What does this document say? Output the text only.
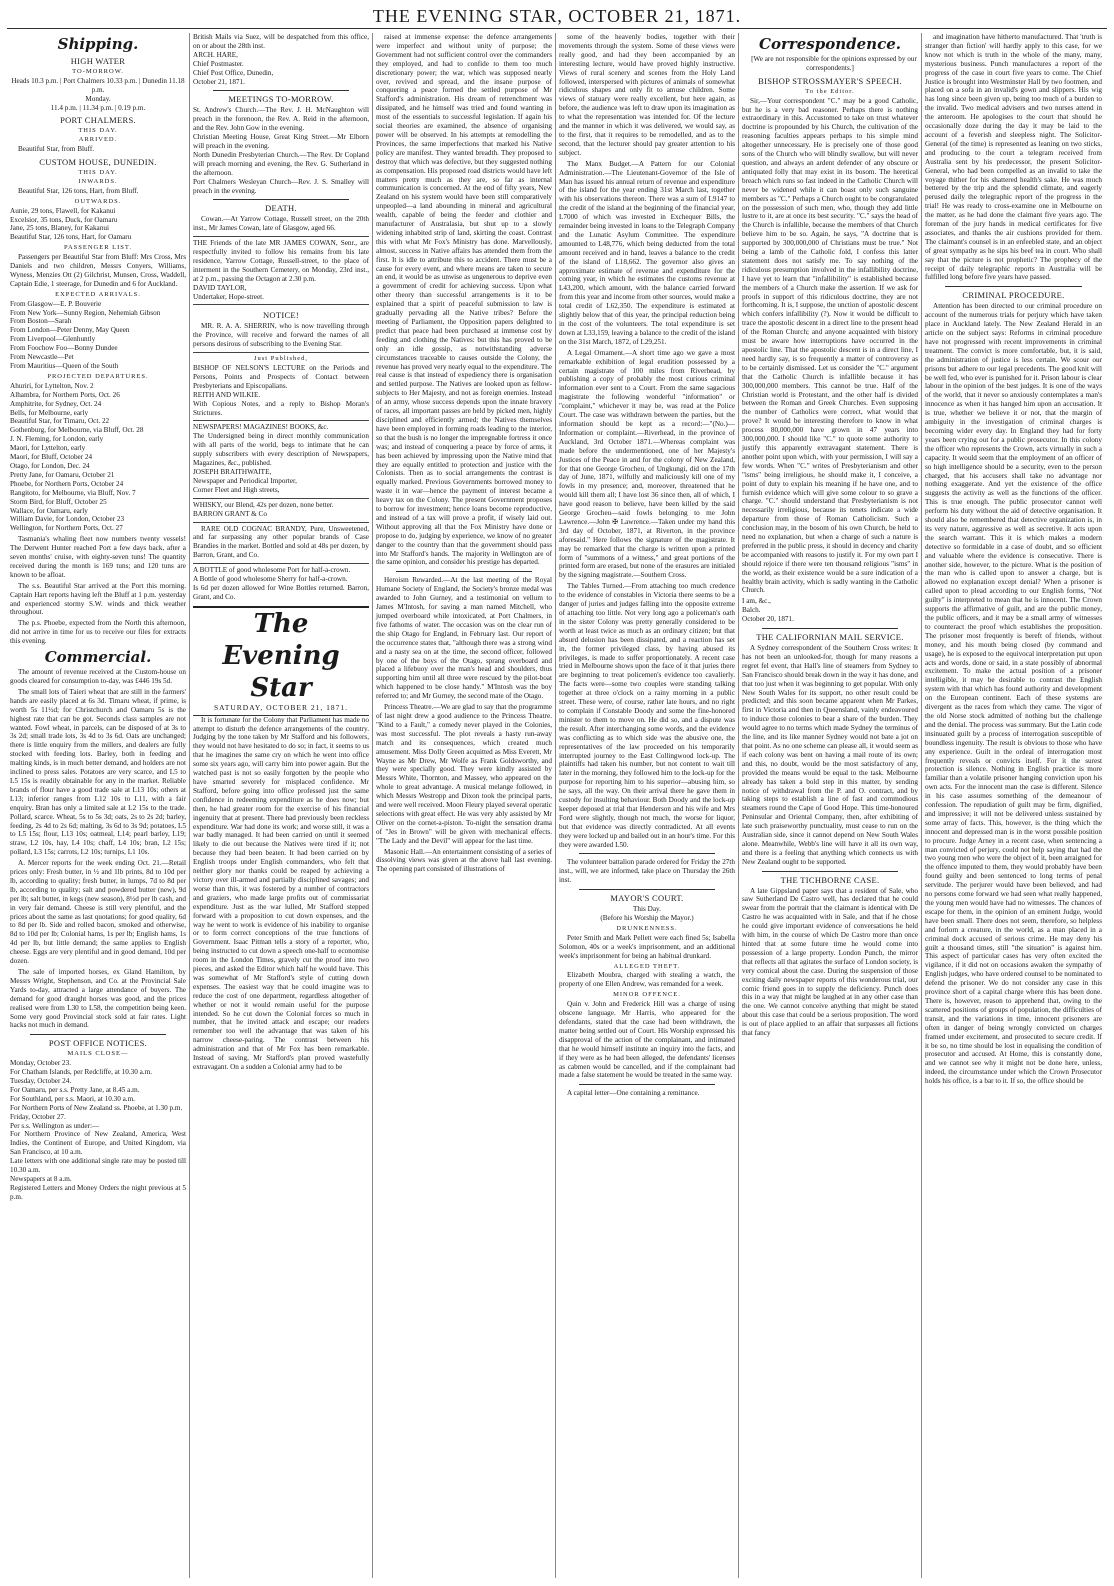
THE EVENING STAR, OCTOBER 21, 1871.
Shipping.
HIGH WATER
TO-MORROW.

Heads 10.3 p.m. | Port Chalmers 10.33 p.m. | Dunedin 11.18 p.m.
Monday.
11.4 p.m. | 11.34 p.m. | 0.19 p.m.

PORT CHALMERS.
THIS DAY.
ARRIVED.

Beautiful Star, from Bluff.

CUSTOM HOUSE, DUNEDIN.
THIS DAY.
INWARDS.

Beautiful Star, 126 tons, Hart, from Bluff.

OUTWARDS.

Aunie, 29 tons, Flawell, for Kakanui
Excelsior, 35 tons, Duck, for Oamaru
Jane, 25 tons, Blaney, for Kakanui
Beautiful Star, 126 tons, Hart, for Oamaru

PASSENGER LIST.

Passengers per Beautiful Star from Bluff: Mrs Cross, Mrs Daniels and two children, Messrs Conyers, Williams, Wyness, Menzies Ott (2) Gilchrist, Munsen, Cross, Waddell, Captain Edie, 1 steerage, for Dunedin and 6 for Auckland.

EXPECTED ARRIVALS.

From Glasgow—E. P. Bouverie
From New York—Sunny Region, Nehemiah Gibson
From Boston—Sarah
From London—Peter Denny, May Queen
From Liverpool—Glenhuntly
From Foochow Foo—Bonny Dundee
From Newcastle—Pet
From Mauritius—Queen of the South

PROJECTED DEPARTURES.

Ahuriri, for Lyttelton, Nov. 2
Alhambra, for Northern Ports, Oct. 26
Amphitrite, for Sydney, Oct. 24
Bells, for Melbourne, early
Beautiful Star, for Timaru, Oct. 22
Gothenburg, for Melbourne, via Bluff, Oct. 28
J. N. Fleming, for London, early
Maori, for Lyttelton, early
Maori, for Bluff, October 24
Otago, for London, Dec. 24
Pretty Jane, for Oamaru, October 21
Phoebe, for Northern Ports, October 24
Rangitoto, for Melbourne, via Bluff, Nov. 7
Storm Bird, for Bluff, October 25
Wallace, for Oamaru, early
William Davie, for London, October 23
Wellington, for Northern Ports, Oct. 27

Tasmania's whaling fleet now numbers twenty vessels! The Derwent Hunter reached Port a few days back, after a seven months' cruise, with eighty-seven tuns! The quantity received during the month is 169 tuns; and 120 tuns are known to be afloat.

The s.s. Beautiful Star arrived at the Port this morning. Captain Hart reports having left the Bluff at 1 p.m. yesterday and experienced stormy S.W. winds and thick weather throughout.

The p.s. Phoebe, expected from the North this afternoon, did not arrive in time for us to receive our files for extracts this evening.

Commercial.

The amount of revenue received at the Custom-house on goods cleared for consumption to-day, was £446 19s 5d.

The small lots of Taieri wheat that are still in the farmers' hands are easily placed at 6s 3d. Timaru wheat, if prime, is worth 5s 11½d; for Christchurch and Oamaru 5s is the highest rate that can be got. Seconds class samples are not wanted. Fowl wheat, in parcels, can be disposed of at 3s to 3s 2d; small trade lots, 3s 4d to 3s 6d. Oats are unchanged; there is little enquiry from the millers, and dealers are fully stocked with feeding lots. Barley, both in feeding and malting kinds, is in much better demand, and holders are not inclined to press sales. Potatoes are very scarce, and L5 to L5 15s is readily obtainable for any in the market. Reliable brands of flour have a good trade sale at L13 10s; others at L13; inferior ranges from L12 10s to L11, with a fair enquiry. Bran has only a limited sale at L2 15s to the trade. Pollard, scarce. Wheat, 5s to 5s 3d; oats, 2s to 2s 2d; barley, feeding, 2s 4d to 2s 6d; malting, 3s 6d to 3s 9d; potatoes, L5 to L5 15s; flour, L13 10s; oatmeal, L14; pearl barley, L19; straw, L2 10s, hay, L4 10s; chaff, L4 10s; bran, L2 15s; pollard, L3 15s; carrots, L2 10s; turnips, L1 10s.

A. Mercer reports for the week ending Oct. 21.—Retail prices only: Fresh butter, in ½ and 1lb prints, 8d to 10d per lb, according to quality; fresh butter, in lumps, 7d to 8d per lb, according to quality; salt and powdered butter (new), 9d per lb; salt butter, in kegs (new season), 8½d per lb cash, and in very fair demand. Cheese is still very plentiful, and the prices about the same as last quotations; for good quality, 6d to 8d per lb. Side and rolled bacon, smoked and otherwise, 8d to 10d per lb; Colonial hams, 1s per lb; English hams, 1s 4d per lb, but little demand; the same applies to English cheese. Eggs are very plentiful and in good demand, 10d per dozen.

The sale of imported horses, ex Gland Hamilton, by Messrs Wright, Stephenson, and Co. at the Provincial Sale Yards to-day, attracted a large attendance of buyers. The demand for good draught horses was good, and the prices realised were from L30 to L58, the competition being keen. Some very good Provincial stock sold at fair rates. Light hacks not much in demand.

POST OFFICE NOTICES.
MAILS CLOSE—

Monday, October 23.
For Chatham Islands, per Redcliffe, at 10.30 a.m.
Tuesday, October 24.
For Oamaru, per s.s. Pretty Jane, at 8.45 a.m.
For Southland, per s.s. Maori, at 10.30 a.m.
For Northern Ports of New Zealand ss. Phoebe, at 1.30 p.m.
Friday, October 27.
Per s.s. Wellington as under:—
For Northern Province of New Zealand, America, West Indies, the Continent of Europe, and United Kingdom, via San Francisco, at 10 a.m.
Late letters with one additional single rate may be posted till 10.30 a.m.
Newspapers at 8 a.m.
Registered Letters and Money Orders the night previous at 5 p.m.

British Mails via Suez, will be despatched from this office, on or about the 28th inst.
ARCH. HARE,
Chief Postmaster.
Chief Post Office, Dunedin,
October 21, 1871.

MEETINGS TO-MORROW.

St. Andrew's Church.—The Rev. J. H. McNaughton will preach in the forenoon, the Rev. A. Reid in the afternoon, and the Rev. John Gow in the evening.
Christian Meeting House, Great King Street.—Mr Elborn will preach in the evening.
North Dunedin Presbyterian Church.—The Rev. Dr Copland will preach morning and evening, the Rev. G. Sutherland in the afternoon.
Port Chalmers Wesleyan Church—Rev. J. S. Smalley will preach in the evening.

DEATH.

Cowan.—At Yarrow Cottage, Russell street, on the 20th inst., Mr James Cowan, late of Glasgow, aged 66.

THE Friends of the late MR JAMES COWAN, Senr., are respectfully invited to follow his remains from his late residence, Yarrow Cottage, Russell-street, to the place of interment in the Southern Cemetery, on Monday, 23rd inst., at 2 p.m., passing the Octagon at 2.30 p.m.
DAVID TAYLOR,
Undertaker, Hope-street.

NOTICE!

MR. R. A. A. SHERRIN, who is now travelling through the Province, will receive and forward the names of all persons desirous of subscribing to the Evening Star.

Just Published,

BISHOP OF NELSON'S LECTURE on the Periods and Persons, Points and Prospects of Contact between Presbyterians and Episcopalians.
REITH AND WILKIE.
With Copious Notes, and a reply to Bishop Moran's Strictures.

NEWSPAPERS! MAGAZINES! BOOKS, &c.
The Undersigned being in direct monthly communication with all parts of the world, begs to intimate that he can supply subscribers with every description of Newspapers, Magazines, &c., published.
JOSEPH BRAITHWAITE,
Newspaper and Periodical Importer,
Corner Fleet and High streets,

WHISKY, our Blend, 42s per dozen, none better.
BARRON GRANT & Co

RARE OLD COGNAC BRANDY, Pure, Unsweetened, and far surpassing any other popular brands of Case Brandies in the market. Bottled and sold at 48s per dozen, by Barron, Grant, and Co.

A BOTTLE of good wholesome Port for half-a-crown.
A Bottle of good wholesome Sherry for half-a-crown.
Is 6d per dozen allowed for Wine Bottles returned. Barron, Grant, and Co.

The Evening Star
SATURDAY, OCTOBER 21, 1871.

It is fortunate for the Colony that Parliament has made no attempt to disturb the defence arrangements of the country. Judging by the tone taken by Mr Stafford and his followers, they would not have hesitated to do so; in fact, it seems to us that he imagines the same cry on which he went into office some six years ago, will carry him into power again. But the watched past is not so easily forgotten by the people who have smarted severely for misplaced confidence. Mr Stafford, before going into office professed just the same confidence in redeeming expenditure as he does now; but then, he had greater room for the exercise of his financial ingenuity that at present. There had previously been reckless expenditure. War had done its work; and worse still, it was a war badly managed. It had been carried on until it seemed likely to die out because the Natives were tired if it; not because they had been beaten. It had been carried on by English troops under English commanders, who felt that neither glory nor thanks could be reaped by achieving a victory over ill-armed and partially disciplined savages; and worse than this, it was fostered by a number of contractors and graziers, who made large profits out of commissariat expenditure. Just as the war lulled, Mr Stafford stepped forward with a proposition to cut down expenses, and the way he went to work is evidence of his inability to organise or to form correct conceptions of the true functions of Government. Isaac Pitman tells a story of a reporter, who, being instructed to cut down a speech one-half to economise room in the London Times, gravely cut the proof into two pieces, and asked the Editor which half he would have. This was somewhat of Mr Stafford's style of cutting down expenses. The easiest way that he could imagine was to reduce the cost of one department, regardless altogether of whether or not it would remain useful for the purpose intended. So he cut down the Colonial forces so much in number, that he invited attack and escape; our readers remember too well the advantage that was taken of his narrow cheese-paring. The contrast between his administration and that of Mr Fox has been remarkable. Instead of saving, Mr Stafford's plan proved wastefully extravagant. On a sudden a Colonial army had to be

raised at immense expense: the defence arrangements were imperfect and without unity of purpose; the Government had not sufficient control over the commanders they employed, and had to confide to them too much discretionary power; the war, which was supposed nearly over, revived and spread, and the insane purpose of conquering a peace formed the settled purpose of Mr Stafford's administration. His dream of retrenchment was dissipated, and he himself was tried and found wanting in most of the essentials to successful legislation. If again his social theories are examined, the absence of organising power will be observed. In his attempts at remodelling the Provinces, the same imperfections that marked his Native policy are manifest. They wanted breadth. They proposed to destroy that which was defective, but they suggested nothing as compensation. His proposed road districts would have left matters pretty much as they are, so far as internal communication is concerned. At the end of fifty years, New Zealand on his system would have been still comparatively unpeopled—a land abounding in mineral and agricultural wealth, capable of being the feeder and clothier and manufacturer of Australasia, but shut up to a slowly widening inhabited strip of land, skirting the coast. Contrast this with what Mr Fox's Ministry has done. Marvellously, almost, success in Native affairs has attended them from the first. It is idle to attribute this to accident. There must be a cause for every event, and where means are taken to secure an end, it would be as unwise as ungenerous to deprive even a government of credit for achieving success. Upon what other theory than successful arrangements is it to be explained that a spirit of peaceful submission to law is gradually pervading all the Native tribes? Before the meeting of Parliament, the Opposition papers delighted to predict that peace had been purchased at immense cost by feeding and clothing the Natives: but this has proved to be only an idle gossip, as notwithstanding adverse circumstances traceable to causes outside the Colony, the revenue has proved very nearly equal to the expenditure. The real cause is that instead of expediency there is organisation and settled purpose. The Natives are looked upon as fellow-subjects to Her Majesty, and not as foreign enemies. Instead of an army, whose success depends upon the innate bravery of races, all important passes are held by picked men, highly disciplined and efficiently armed; the Natives themselves have been employed in forming roads leading to the interior, so that the bush is no longer the impregnable fortress it once was; and instead of conquering a peace by force of arms, it has been achieved by impressing upon the Native mind that they are equally entitled to protection and justice with the Colonists. Then as to social arrangements the contrast is equally marked. Previous Governments borrowed money to waste it in war—hence the payment of interest became a heavy tax on the Colony. The present Government proposes to borrow for investment; hence loans become reproductive, and instead of a tax will prove a profit, if wisely laid out. Without approving all that the Fox Ministry have done or propose to do, judging by experience, we know of no greater danger to the country than that the government should pass into Mr Stafford's hands. The majority in Wellington are of the same opinion, and consider his prestige has departed.

Heroism Rewarded.—At the last meeting of the Royal Humane Society of England, the Society's bronze medal was awarded to John Gurney, and a testimonial on vellum to James M'Intosh, for saving a man named Mitchell, who jumped overboard while intoxicated, at Port Chalmers, in five fathoms of water. The occasion was on the clear run of the ship Otago for England, in February last. Our report of the occurrence states that, "although there was a strong wind and a nasty sea on at the time, the second officer, followed by one of the boys of the Otago, sprang overboard and placed a lifebuoy over the man's head and shoulders, thus supporting him until all three were rescued by the pilot-boat which happened to be close handy." M'Intosh was the boy referred to; and Mr Gurney, the second mate of the Otago.

Princess Theatre.—We are glad to say that the programme of last night drew a good audience to the Princess Theatre. "Kind to a Fault," a comedy never played in the Colonies, was most successful. The plot reveals a hasty run-away match and its consequences, which created much amusement. Miss Dolly Green acquitted as Miss Everett, Mr Wayne as Mr Drew, Mr Wolfe as Frank Goldsworthy, and they were specially good. They were kindly assisted by Messrs White, Thornton, and Massey, who appeared on the whole to great advantage. A musical melange followed, in which Messrs Westropp and Dixon took the principal parts, and were well received. Moon Fleury played several operatic selections with great effect. He was very ably assisted by Mr Oliver on the cornet-a-piston. To-night the sensation drama of "Jes in Brown" will be given with mechanical effects. "The Lady and the Devil" will appear for the last time.

Masonic Hall.—An entertainment consisting of a series of dissolving views was given at the above hall last evening. The opening part consisted of illustrations of

some of the heavenly bodies, together with their movements through the system. Some of these views were really good, and had they been accompanied by an interesting lecture, would have proved highly instructive. Views of rural scenery and scenes from the Holy Land followed, interspersed with pictures of animals of somewhat ridiculous shapes and only fit to amuse children. Some views of statuary were really excellent, but here again, as before, the audience was left to draw upon its imagination as to what the representation was intended for. Of the lecture and the manner in which it was delivered, we would say, as to the first, that it requires to be remodelled, and as to the second, that the lecturer should pay greater attention to his subject.

The Manx Budget.—A Pattern for our Colonial Administration.—The Lieutenant-Governor of the Isle of Man has issued his annual return of revenue and expenditure of the island for the year ending 31st March last, together with his observations thereon. There was a sum of L9147 to the credit of the island at the beginning of the financial year, L7000 of which was invested in Exchequer Bills, the remainder being invested in loans to the Telegraph Company and the Lunatic Asylum Committee. The expenditure amounted to L48,776, which being deducted from the total amount received and in hand, leaves a balance to the credit of the island of L18,662. The governor also gives an approximate estimate of revenue and expenditure for the coming year, in which he estimates the customs revenue at L43,200, which amount, with the balance carried forward from this year and income from other sources, would make a total credit of L62,350. The expenditure is estimated at slightly below that of this year, the principal reduction being in the cost of the volunteers. The total expenditure is set down at L33,159, leaving a balance to the credit of the island on the 31st March, 1872, of L29,251.

A Legal Ornament.—A short time ago we gave a most remarkable exhibition of legal erudition possessed by a certain magistrate of 100 miles from Riverhead, by publishing a copy of probably the most curious criminal information ever sent to a Court. From the same sagacious magistrate the following wonderful "information" or "complaint," whichever it may be, was read at the Police Court. The case was withdrawn between the parties, but the information should be kept as a record:—"(No.)—Information or complaint.—Riverhead, in the province of Auckland, 3rd October 1871.—Whereas complaint was made before the undermentioned, one of her Majesty's Justices of the Peace in and for the colony of New Zealand, for that one George Grocheu, of Ungkungi, did on the 17th day of June, 1871, wilfully and maliciously kill one of my fowls in my presence; and, moreover, threatened that he would kill them all; I have lost 36 since then, all of which, I have good reason to believe, have been killed by the said George Grocheu—said fowls belonging to me John Lawrence.—John ✠ Lawrence.—Taken under my hand this 3rd day of October, 1871, at Riverton, in the province aforesaid." Here follows the signature of the magistrate. It may be remarked that the charge is written upon a printed form of "summons of a witness," and great portions of the printed form are erased, but none of the erasures are initialed by the signing magistrate.—Southern Cross.

The Tables Turned.—From attaching too much credence to the evidence of constables in Victoria there seems to be a danger of juries and judges falling into the opposite extreme of attaching too little. Not very long ago a policeman's oath in the sister Colony was pretty generally considered to be worth at least twice as much as an ordinary citizen; but that absurd delusion has been dissipated, and a reaction has set in, the former privileged class, by having abused its privileges, is made to suffer proportionately. A recent case tried in Melbourne shows upon the face of it that juries there are beginning to treat policemen's evidence too cavalierly. The facts were—some two couples were standing talking together at three o'clock on a rainy morning in a public street. These were, of course, rather late hours, and no right to complain if Constable Doody and some the fine-honored minister to them to move on. He did so, and a dispute was the result. After interchanging some words, and the evidence was conflicting as to which side was the abusive one, the representatives of the law proceeded on his temporarily interrupted journey to the East Collingwood lock-up. The plaintiffs had taken his number, but not content to wait till later in the morning, they followed him to the lock-up for the purpose for reporting him to his superior—abusing him, so he says, all the way. On their arrival there he gave them in custody for insulting behaviour. Both Doody and the lock-up keeper deposed at trial that Henderson and his wife and Mrs Ford were slightly, though not much, the worse for liquor, but that evidence was directly contradicted. At all events they were locked up and bailed out in an hour's time. For this they were awarded L50.

The volunteer battalion parade ordered for Friday the 27th inst., will, we are informed, take place on Thursday the 26th inst.

MAYOR'S COURT.

This Day.
(Before his Worship the Mayor.)

DRUNKENNESS.

Peter Smith and Mark Pellett were each fined 5s; Isabella Solomon, 40s or a week's imprisonment, and an additional week's imprisonment for being an habitual drunkard.

ALLEGED THEFT.

Elizabeth Moubra, charged with stealing a watch, the property of one Ellen Andrew, was remanded for a week.

MINOR OFFENCE.

Quin v. John and Frederick Hill was a charge of using obscene language. Mr Harris, who appeared for the defendants, stated that the case had been withdrawn, the matter being settled out of Court. His Worship expressed his disapproval of the action of the complainant, and intimated that he would himself institute an inquiry into the facts, and if they were as he had been alleged, the defendants' licenses as cabmen would be cancelled, and if the complainant had made a false statement he would be treated in the same way.

A capital letter—One containing a remittance.

Correspondence.

[We are not responsible for the opinions expressed by our correspondents.]

BISHOP STROSSMAYER'S SPEECH.
To the Editor.

Sir,—Your correspondent "C." may be a good Catholic, but he is a very bad reasoner. Perhaps there is nothing extraordinary in this. Accustomed to take on trust whatever doctrine is propounded by his Church, the cultivation of the reasoning faculties appears perhaps to his simple mind altogether unnecessary. He is precisely one of those good sons of the Church who will blindly swallow, but will never question, and always an ardent defender of any obscure or antiquated folly that may exist in its bosom. The heretical breach which runs so fast indeed in the Catholic Church will never be widened while it can boast only such sanguine members as "C." Perhaps a Church ought to be congratulated on the possession of such men, who, though they add little lustre to it, are at once its best security. "C." says the head of the Church is infallible, because the members of that Church believe him to be so. Again, he says, "A doctrine that is supported by 300,000,000 of Christians must be true." Not being a lamb of the Catholic fold, I confess this latter statement does not satisfy me. To say nothing of the ridiculous presumption involved in the infallibility doctrine, I have yet to learn that "infallibility" is established because the members of a Church make the assertion. If we ask for proofs in support of this ridiculous doctrine, they are not forthcoming. It is, I suppose, the unction of apostolic descent which confers infallibility (?). Now it would be difficult to trace the apostolic descent in a direct line to the present head of the Roman Church; and anyone acquainted with history must be aware how interruptions have occurred in the apostolic line. That the apostolic descent is in a direct line, I need hardly say, is so frequently a matter of controversy as to be certainly dismissed. Let us consider the "C." argument that the Catholic Church is infallible because it has 300,000,000 members. This cannot be true. Half of the Christian world is Protestant, and the other half is divided between the Roman and Greek Churches. Even supposing the number of Catholics were correct, what would that prove? It would be interesting therefore to know in what process 80,000,000 have grown in 47 years into 300,000,000. I should like "C." to quote some authority to justify this apparently extravagant statement. There is another point upon which, with your permission, I will say a few words. When "C." writes of Presbyterianism and other "isms" being irreligious, he should make it, I conceive, a point of duty to explain his meaning if he have one, and to furnish evidence which will give some colour to so grave a charge. "C." should understand that Presbyterianism is not necessarily irreligious, because its tenets indicate a wide departure from those of Roman Catholicism. Such a conclusion may, in the bosom of his own Church, be held to need no explanation, but when a charge of such a nature is preferred in the public press, it should in decency and charity be accompanied with reasons to justify it. For my own part I should rejoice if there were ten thousand religious "isms" in the world, as their existence would be a sure indication of a healthy brain activity, which is sadly wanting in the Catholic Church.

I am, &c.,
Balch.
October 20, 1871.

THE CALIFORNIAN MAIL SERVICE.

A Sydney correspondent of the Southern Cross writes: It has not been an unlooked-for, though for many reasons a regret fel event, that Hall's line of steamers from Sydney to San Francisco should break down in the way it has done, and that too just when it was beginning to get popular. With only New South Wales for its support, no other result could be predicted; and this soon became apparent when Mr Parkes, first in Victoria and then in Queensland, vainly endeavoured to induce those colonies to bear a share of the burden. They would agree to no terms which made Sydney the terminus of the line, and its like manner Sydney would not bate a jot on that point. As no one scheme can please all, it would seem as if each colony was bent on having a mail route of its own; and this, no doubt, would be the most satisfactory of any, provided the means would be equal to the task. Melbourne already has taken a bold step in this matter, by sending notice of withdrawal from the P. and O. contract, and by taking steps to establish a line of fast and commodious steamers round the Cape of Good Hope. This time-honoured Peninsular and Oriental Company, then, after exhibiting of late such praiseworthy punctuality, must cease to run on the Australian side, since it cannot depend on New South Wales alone. Meanwhile, Webb's line will have it all its own way, and there is a feeling that anything which connects us with New Zealand ought to be supported.

THE TICHBORNE CASE.

A late Gippsland paper says that a resident of Sale, who saw Sutherland De Castro well, has declared that he could swear from the portrait that the claimant is identical with De Castro he was acquainted with in Sale, and that if he chose he could give important evidence of conversations he held with him, in the course of which De Castro more than once hinted that at some future time he would come into possession of a large property. London Punch, the mirror that reflects all that agitates the surface of London society, is very comical about the case. During the suspension of those exciting daily newspaper reports of this wonderous trial, our comic friend goes in to supply the deficiency. Punch does this in a way that might be laughed at in any other case than the one. We cannot conceive anything that might be stated about this case that could be a serious proposition. The word is out of place applied to an affair that surpasses all fictions that fancy

and imagination have hitherto manufactured. That 'truth is stranger than fiction' will hardly apply to this case, for we know not which is truth in the whole of the many, many, mysterious business. Punch manufactures a report of the progress of the case in court five years to come. The Chief Justice is brought into Westminster Hall by two footmen, and placed on a sofa in an invalid's gown and slippers. His wig has long since been given up, being too much of a burden to the invalid. Two medical advisers and two nurses attend in the anteroom. He apologises to the court that should he occasionally doze during the day it may be laid to the account of a feverish and sleepless night. The Solicitor-General (of the time) is represented as leaning on two sticks, and producing to the court a telegram received from Australia sent by his predecessor, the present Solicitor-General, who had been compelled as an invalid to take the voyage thither for his shattered health's sake. He was much bettered by the trip and the splendid climate, and eagerly perused daily the telegraphic report of the progress in the trial! He was ready to cross-examine one in Melbourne on the matter, as he had done the claimant five years ago. The foreman of the jury hands in medical certificates for five associates, and thanks the air cushions provided for them. The claimant's counsel is in an enfeebled state, and an object of great sympathy as he sips his beef tea in court. Who shall say that the picture is not prophetic? The prophecy of the receipt of daily telegraphic reports in Australia will be fulfilled long before five years have passed.

CRIMINAL PROCEDURE.

Attention has been directed to our criminal procedure on account of the numerous trials for perjury which have taken place in Auckland lately. The New Zealand Herald in an article on the subject says: Reforms in criminal procedure have not progressed with recent improvements in criminal treatment. The convict is more comfortable, but, it is said, the administration of justice is less certain. We scour our prisons but adhere to our legal precedents. The good knit will be well fed, who ever is punished for it. Prison labour is clear labour in the opinion of the best judges. It is one of the ways of the world, that it never so anxiously contemplates a man's innocence as when it has hanged him upon an accusation. It is true, whether we believe it or not, that the margin of ambiguity in the investigation of criminal charges is becoming wider every day. In England they had for forty years been crying out for a public prosecutor. In this colony the officer who represents the Crown, acts virtually in such a capacity. It would seem that the employment of an officer of so high intelligence should be a security, even to the person charged, that his accusers shall take no advantage nor nothing exaggerate. And yet the existence of the office suggests the activity as well as the functions of the officer. This is true enough. The public prosecutor cannot well perform his duty without the aid of detective organisation. It should also be remembered that detective organization is, in its very nature, aggressive as well as secretive. It acts upon the search warrant. This it is which makes a modern detective so formidable in a case of doubt, and so efficient and valuable where the evidence is consecutive. There is another side, however, to the picture. What is the position of the man who is called upon to answer a charge, but is allowed no explanation except denial? When a prisoner is called upon to plead according to our English forms, "Not guilty" is interpreted to mean that he is innocent. The Crown supports the affirmative of guilt, and are the public money, the public officers, and it may be a small army of witnesses to counteract the proof which establishes the proposition. The prisoner most frequently is bereft of friends, without money, and his mouth being closed (by command and usage), he is exposed to the equivocal interpretation put upon acts and words, done or said, in a state possibly of abnormal excitement. To make the actual position of a prisoner intelligible, it may be desirable to contrast the English system with that which has found authority and development on the European continent. Each of these systems are divergent as the races from which they came. The vigor of the old Norse stock admitted of nothing but the challenge and the denial. The process was summary. But the Latin code insinuated guilt by a process of interrogation susceptible of boundless ingenuity. The result is obvious to those who have any experience. Guilt in the ordeal of interrogation most frequently reveals or convicts itself. For it the surest protection is silence. Nothing in English practice is more familiar than a volatile prisoner hanging conviction upon his own acts. For the innocent man the case is different. Silence in his case assumes something of the demeanour of confession. The repudiation of guilt may be firm, dignified, and impressive; it will not be delivered unless sustained by some array of facts. This, however, is the thing which the innocent and depressed man is in the worst possible position to procure. Judge Arney in a recent case, when sentencing a man convicted of perjury, could not help saying that had the two young men who were the object of it, been arraigned for the offence imputed to them, they would probably have been found guilty and been sentenced to long terms of penal servitude. The perjurer would have been believed, and had no persons come forward we had seen what really happened, the young men would have had no witnesses. The chances of escape for them, in the opinion of an eminent Judge, would have been small. There does not seem, therefore, so helpless and forlorn a creature, in the world, as a man placed in a criminal dock accused of serious crime. He may deny his guilt a thousand times, still "the situation" is against him. This aspect of particular cases has very often excited the vigilance, if it did not on occasions awaken the sympathy of English judges, who have ordered counsel to be nominated to defend the prisoner. We do not consider any case in this province short of a capital charge where this has been done. There is, however, reason to apprehend that, owing to the scattered positions of groups of population, the difficulties of transit, and the variations in time, innocent prisoners are often in danger of being wrongly convicted on charges framed under excitement, and prosecuted to secure credit. If it be so, no time should be lost in equalising the condition of prosecutor and accused. At Home, this is constantly done, and we cannot see why it might not be done here, unless, indeed, the circumstance under which the Crown Prosecutor holds his office, is a bar to it. If so, the office should be
